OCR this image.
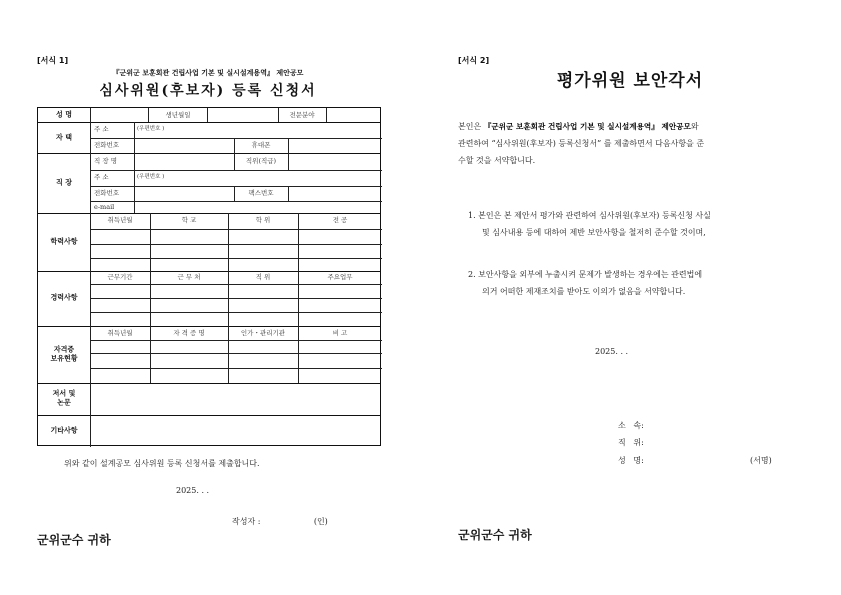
[서식 1]
『군위군 보훈회관 건립사업 기본 및 실시설계용역』 제안공모
심사위원(후보자) 등록 신청서
성 명	생년월일	전문분야
자 택
주 소	(우편번호 )
전화번호	휴대폰
직 장
직 장 명	직위(직급)
주 소	(우편번호 )
전화번호	팩스번호
e-mail
학력사항
취득년월	학 교	학 위	전 공
경력사항
근무기간	근 무 처	직 위	주요업무
자격증
보유현황
취득년월	자 격 증 명	인가・관리기관	비 고
저서 및
논문
기타사항
위와 같이 설계공모 심사위원 등록 신청서를 제출합니다.
2025. . .
작성자 :                     (인)
군위군수 귀하
[서식 2]
평가위원 보안각서
본인은 『군위군 보훈회관 건립사업 기본 및 실시설계용역』 제안공모와
관련하여 “심사위원(후보자) 등록신청서” 를 제출하면서 다음사항을 준
수할 것을 서약합니다.
1. 본인은 본 제안서 평가와 관련하여 심사위원(후보자) 등록신청 사실
및 심사내용 등에 대하여 제반 보안사항을 철저히 준수할 것이며,
2. 보안사항을 외부에 누출시켜 문제가 발생하는 경우에는 관련법에
의거 어떠한 제재조치를 받아도 이의가 없음을 서약합니다.
2025. . .
소   속:
직   위:
성   명:	(서명)
군위군수 귀하
